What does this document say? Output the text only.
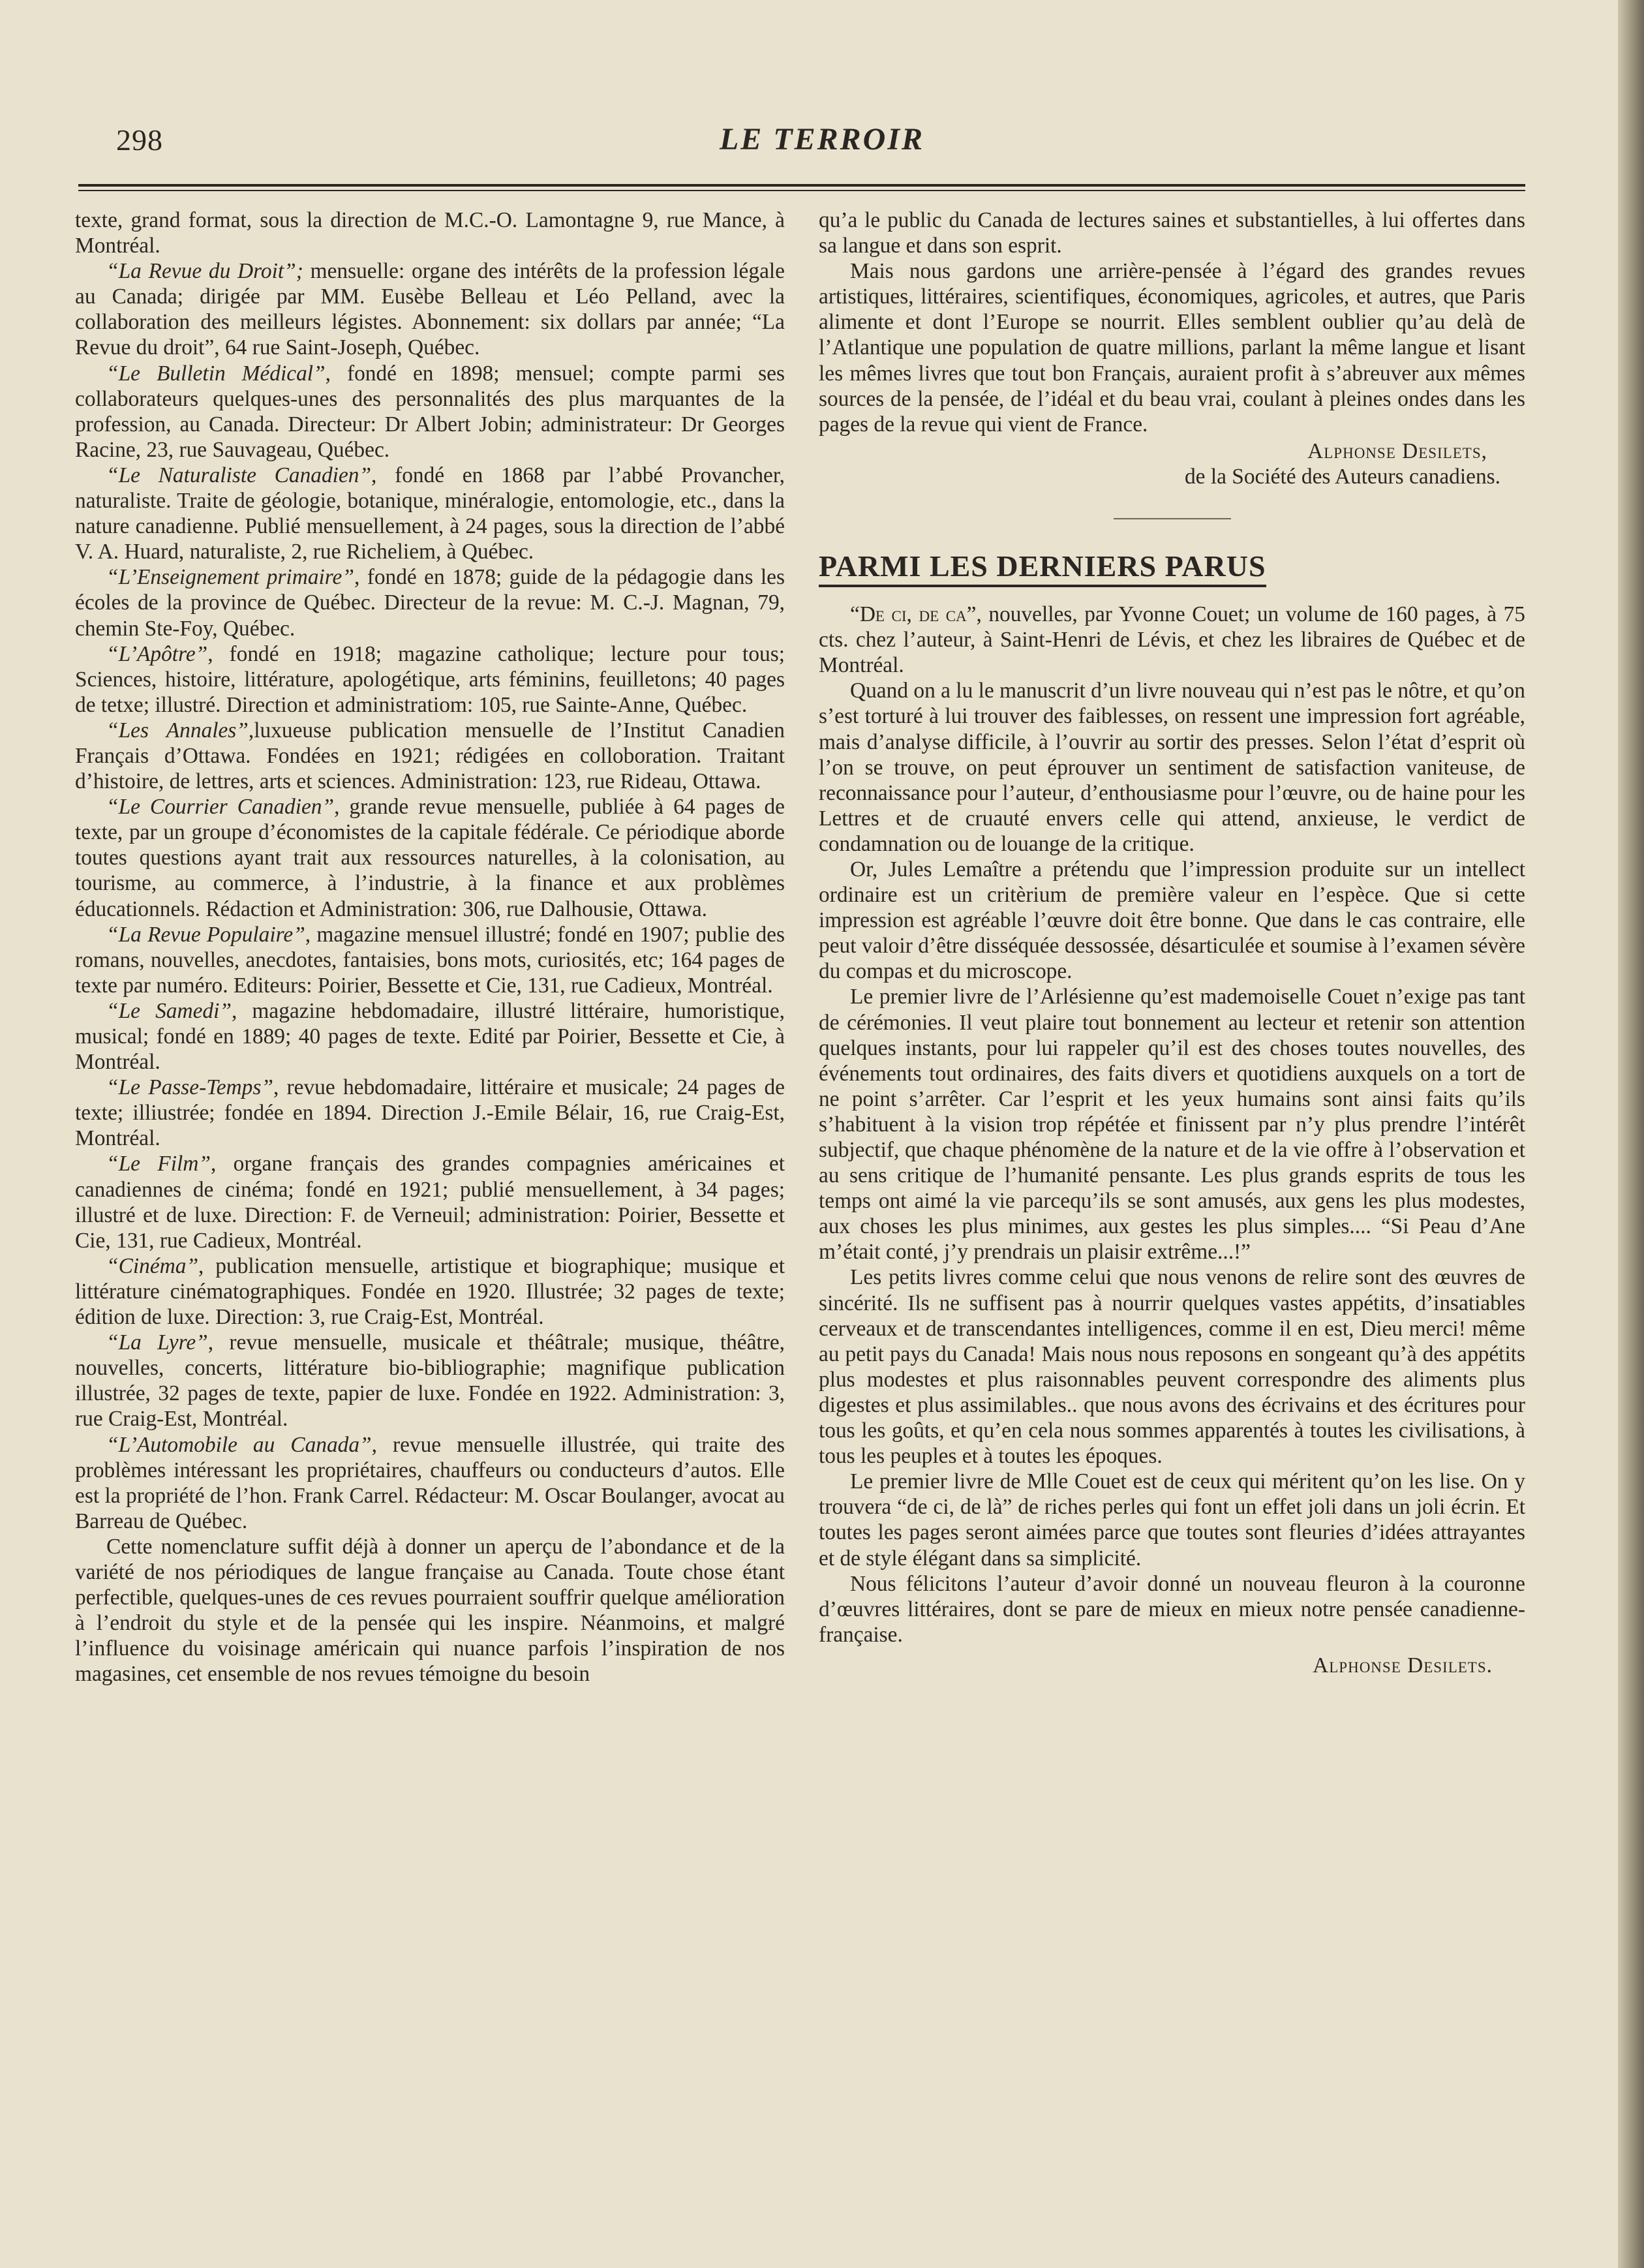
298	LE TERROIR

texte, grand format, sous la direction de M.C.-O. Lamontagne 9, rue Mance, à Montréal.

“La Revue du Droit”; mensuelle: organe des intérêts de la profession légale au Canada; dirigée par MM. Eusèbe Belleau et Léo Pelland, avec la collaboration des meilleurs légistes. Abonnement: six dollars par année; “La Revue du droit”, 64 rue Saint-Joseph, Québec.

“Le Bulletin Médical”, fondé en 1898; mensuel; compte parmi ses collaborateurs quelques-unes des personnalités des plus marquantes de la profession, au Canada. Directeur: Dr Albert Jobin; administrateur: Dr Georges Racine, 23, rue Sauvageau, Québec.

“Le Naturaliste Canadien”, fondé en 1868 par l’abbé Provancher, naturaliste. Traite de géologie, botanique, minéralogie, entomologie, etc., dans la nature canadienne. Publié mensuellement, à 24 pages, sous la direction de l’abbé V. A. Huard, naturaliste, 2, rue Richeliem, à Québec.

“L’Enseignement primaire”, fondé en 1878; guide de la pédagogie dans les écoles de la province de Québec. Directeur de la revue: M. C.-J. Magnan, 79, chemin Ste-Foy, Québec.

“L’Apôtre”, fondé en 1918; magazine catholique; lecture pour tous; Sciences, histoire, littérature, apologétique, arts féminins, feuilletons; 40 pages de tetxe; illustré. Direction et administratiom: 105, rue Sainte-Anne, Québec.

“Les Annales”,luxueuse publication mensuelle de l’Institut Canadien Français d’Ottawa. Fondées en 1921; rédigées en colloboration. Traitant d’histoire, de lettres, arts et sciences. Administration: 123, rue Rideau, Ottawa.

“Le Courrier Canadien”, grande revue mensuelle, publiée à 64 pages de texte, par un groupe d’économistes de la capitale fédérale. Ce périodique aborde toutes questions ayant trait aux ressources naturelles, à la colonisation, au tourisme, au commerce, à l’industrie, à la finance et aux problèmes éducationnels. Rédaction et Administration: 306, rue Dalhousie, Ottawa.

“La Revue Populaire”, magazine mensuel illustré; fondé en 1907; publie des romans, nouvelles, anecdotes, fantaisies, bons mots, curiosités, etc; 164 pages de texte par numéro. Editeurs: Poirier, Bessette et Cie, 131, rue Cadieux, Montréal.

“Le Samedi”, magazine hebdomadaire, illustré littéraire, humoristique, musical; fondé en 1889; 40 pages de texte. Edité par Poirier, Bessette et Cie, à Montréal.

“Le Passe-Temps”, revue hebdomadaire, littéraire et musicale; 24 pages de texte; illiustrée; fondée en 1894. Direction J.-Emile Bélair, 16, rue Craig-Est, Montréal.

“Le Film”, organe français des grandes compagnies américaines et canadiennes de cinéma; fondé en 1921; publié mensuellement, à 34 pages; illustré et de luxe. Direction: F. de Verneuil; administration: Poirier, Bessette et Cie, 131, rue Cadieux, Montréal.

“Cinéma”, publication mensuelle, artistique et biographique; musique et littérature cinématographiques. Fondée en 1920. Illustrée; 32 pages de texte; édition de luxe. Direction: 3, rue Craig-Est, Montréal.

“La Lyre”, revue mensuelle, musicale et théâtrale; musique, théâtre, nouvelles, concerts, littérature bio-bibliographie; magnifique publication illustrée, 32 pages de texte, papier de luxe. Fondée en 1922. Administration: 3, rue Craig-Est, Montréal.

“L’Automobile au Canada”, revue mensuelle illustrée, qui traite des problèmes intéressant les propriétaires, chauffeurs ou conducteurs d’autos. Elle est la propriété de l’hon. Frank Carrel. Rédacteur: M. Oscar Boulanger, avocat au Barreau de Québec.

Cette nomenclature suffit déjà à donner un aperçu de l’abondance et de la variété de nos périodiques de langue française au Canada. Toute chose étant perfectible, quelques-unes de ces revues pourraient souffrir quelque amélioration à l’endroit du style et de la pensée qui les inspire. Néanmoins, et malgré l’influence du voisinage américain qui nuance parfois l’inspiration de nos magasines, cet ensemble de nos revues témoigne du besoin

qu’a le public du Canada de lectures saines et substantielles, à lui offertes dans sa langue et dans son esprit.

Mais nous gardons une arrière-pensée à l’égard des grandes revues artistiques, littéraires, scientifiques, économiques, agricoles, et autres, que Paris alimente et dont l’Europe se nourrit. Elles semblent oublier qu’au delà de l’Atlantique une population de quatre millions, parlant la même langue et lisant les mêmes livres que tout bon Français, auraient profit à s’abreuver aux mêmes sources de la pensée, de l’idéal et du beau vrai, coulant à pleines ondes dans les pages de la revue qui vient de France.

Alphonse Desilets,
de la Société des Auteurs canadiens.
PARMI LES DERNIERS PARUS

“De ci, de ca”, nouvelles, par Yvonne Couet; un volume de 160 pages, à 75 cts. chez l’auteur, à Saint-Henri de Lévis, et chez les libraires de Québec et de Montréal.

Quand on a lu le manuscrit d’un livre nouveau qui n’est pas le nôtre, et qu’on s’est torturé à lui trouver des faiblesses, on ressent une impression fort agréable, mais d’analyse difficile, à l’ouvrir au sortir des presses. Selon l’état d’esprit où l’on se trouve, on peut éprouver un sentiment de satisfaction vaniteuse, de reconnaissance pour l’auteur, d’enthousiasme pour l’œuvre, ou de haine pour les Lettres et de cruauté envers celle qui attend, anxieuse, le verdict de condamnation ou de louange de la critique.

Or, Jules Lemaître a prétendu que l’impression produite sur un intellect ordinaire est un critèrium de première valeur en l’espèce. Que si cette impression est agréable l’œuvre doit être bonne. Que dans le cas contraire, elle peut valoir d’être disséquée dessossée, désarticulée et soumise à l’examen sévère du compas et du microscope.

Le premier livre de l’Arlésienne qu’est mademoiselle Couet n’exige pas tant de cérémonies. Il veut plaire tout bonnement au lecteur et retenir son attention quelques instants, pour lui rappeler qu’il est des choses toutes nouvelles, des événements tout ordinaires, des faits divers et quotidiens auxquels on a tort de ne point s’arrêter. Car l’esprit et les yeux humains sont ainsi faits qu’ils s’habituent à la vision trop répétée et finissent par n’y plus prendre l’intérêt subjectif, que chaque phénomène de la nature et de la vie offre à l’observation et au sens critique de l’humanité pensante. Les plus grands esprits de tous les temps ont aimé la vie parcequ’ils se sont amusés, aux gens les plus modestes, aux choses les plus minimes, aux gestes les plus simples.... “Si Peau d’Ane m’était conté, j’y prendrais un plaisir extrême...!”

Les petits livres comme celui que nous venons de relire sont des œuvres de sincérité. Ils ne suffisent pas à nourrir quelques vastes appétits, d’insatiables cerveaux et de transcendantes intelligences, comme il en est, Dieu merci! même au petit pays du Canada! Mais nous nous reposons en songeant qu’à des appétits plus modestes et plus raisonnables peuvent correspondre des aliments plus digestes et plus assimilables.. que nous avons des écrivains et des écritures pour tous les goûts, et qu’en cela nous sommes apparentés à toutes les civilisations, à tous les peuples et à toutes les époques.

Le premier livre de Mlle Couet est de ceux qui méritent qu’on les lise. On y trouvera “de ci, de là” de riches perles qui font un effet joli dans un joli écrin. Et toutes les pages seront aimées parce que toutes sont fleuries d’idées attrayantes et de style élégant dans sa simplicité.

Nous félicitons l’auteur d’avoir donné un nouveau fleuron à la couronne d’œuvres littéraires, dont se pare de mieux en mieux notre pensée canadienne-française.

Alphonse Desilets.
